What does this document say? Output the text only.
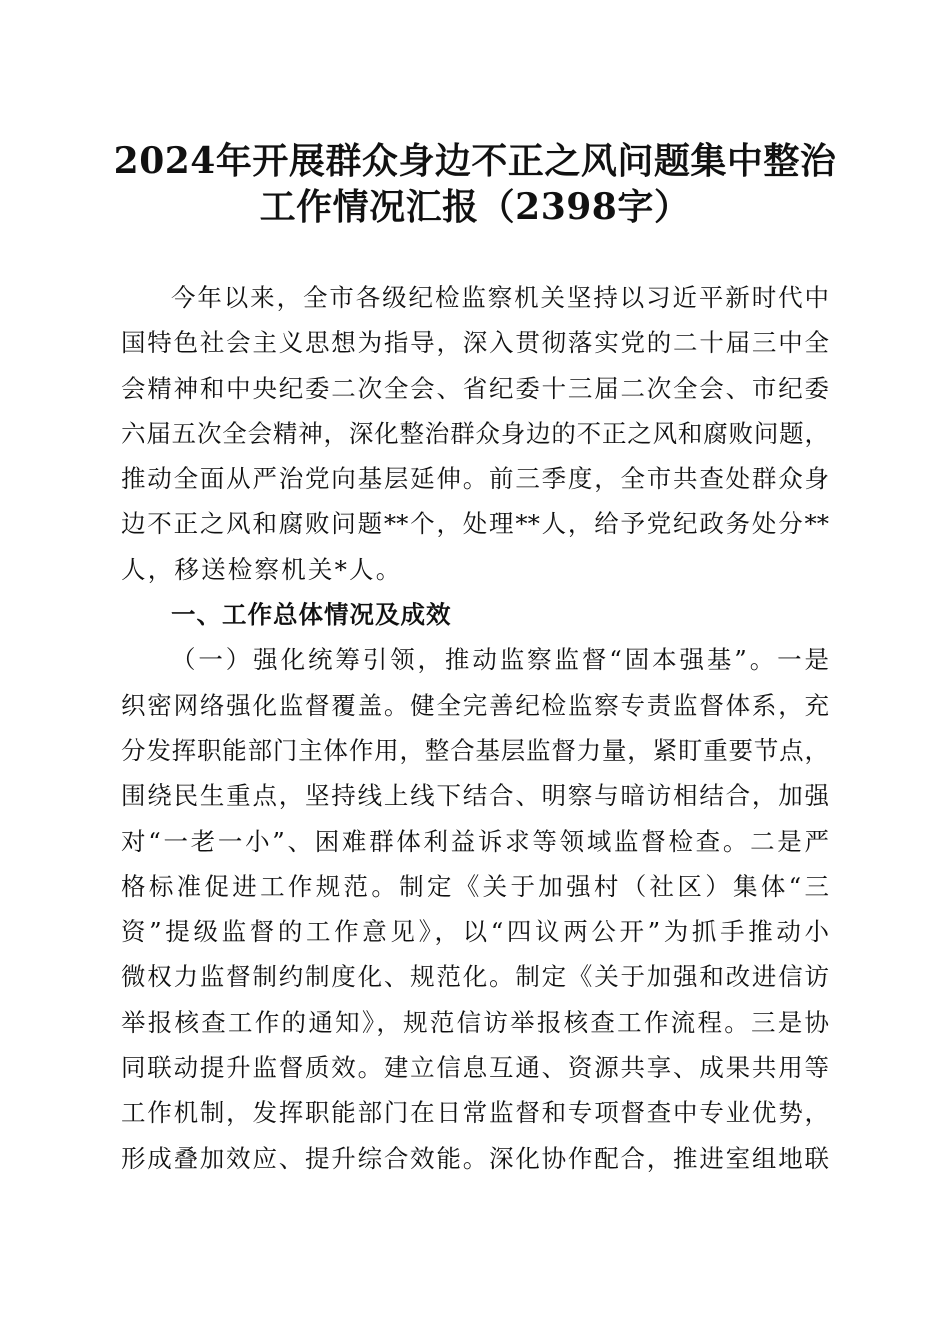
2024年开展群众身边不正之风问题集中整治
工作情况汇报（2398字）
今年以来，全市各级纪检监察机关坚持以习近平新时代中
国特色社会主义思想为指导，深入贯彻落实党的二十届三中全
会精神和中央纪委二次全会、省纪委十三届二次全会、市纪委
六届五次全会精神，深化整治群众身边的不正之风和腐败问题，
推动全面从严治党向基层延伸。前三季度，全市共查处群众身
边不正之风和腐败问题**个，处理**人，给予党纪政务处分**
人，移送检察机关*人。
一、工作总体情况及成效
（一）强化统筹引领，推动监察监督“固本强基”。一是
织密网络强化监督覆盖。健全完善纪检监察专责监督体系，充
分发挥职能部门主体作用，整合基层监督力量，紧盯重要节点，
围绕民生重点，坚持线上线下结合、明察与暗访相结合，加强
对“一老一小”、困难群体利益诉求等领域监督检查。二是严
格标准促进工作规范。制定《关于加强村（社区）集体“三
资”提级监督的工作意见》，以“四议两公开”为抓手推动小
微权力监督制约制度化、规范化。制定《关于加强和改进信访
举报核查工作的通知》，规范信访举报核查工作流程。三是协
同联动提升监督质效。建立信息互通、资源共享、成果共用等
工作机制，发挥职能部门在日常监督和专项督查中专业优势，
形成叠加效应、提升综合效能。深化协作配合，推进室组地联
